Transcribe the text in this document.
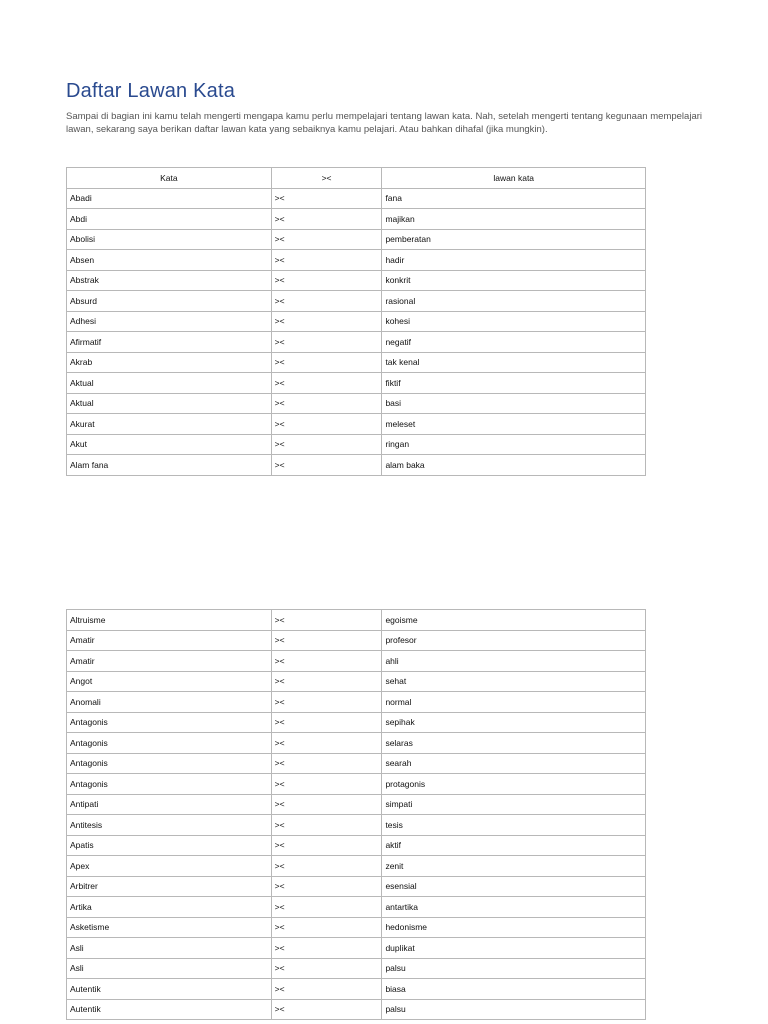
Daftar Lawan Kata

Sampai di bagian ini kamu telah mengerti mengapa kamu perlu mempelajari tentang lawan kata. Nah, setelah mengerti tentang kegunaan mempelajari lawan, sekarang saya berikan daftar lawan kata yang sebaiknya kamu pelajari. Atau bahkan dihafal (jika mungkin).

Kata	><	lawan kata
Abadi	><	fana
Abdi	><	majikan
Abolisi	><	pemberatan
Absen	><	hadir
Abstrak	><	konkrit
Absurd	><	rasional
Adhesi	><	kohesi
Afirmatif	><	negatif
Akrab	><	tak kenal
Aktual	><	fiktif
Aktual	><	basi
Akurat	><	meleset
Akut	><	ringan
Alam fana	><	alam baka
Altruisme	><	egoisme
Amatir	><	profesor
Amatir	><	ahli
Angot	><	sehat
Anomali	><	normal
Antagonis	><	sepihak
Antagonis	><	selaras
Antagonis	><	searah
Antagonis	><	protagonis
Antipati	><	simpati
Antitesis	><	tesis
Apatis	><	aktif
Apex	><	zenit
Arbitrer	><	esensial
Artika	><	antartika
Asketisme	><	hedonisme
Asli	><	duplikat
Asli	><	palsu
Autentik	><	biasa
Autentik	><	palsu
